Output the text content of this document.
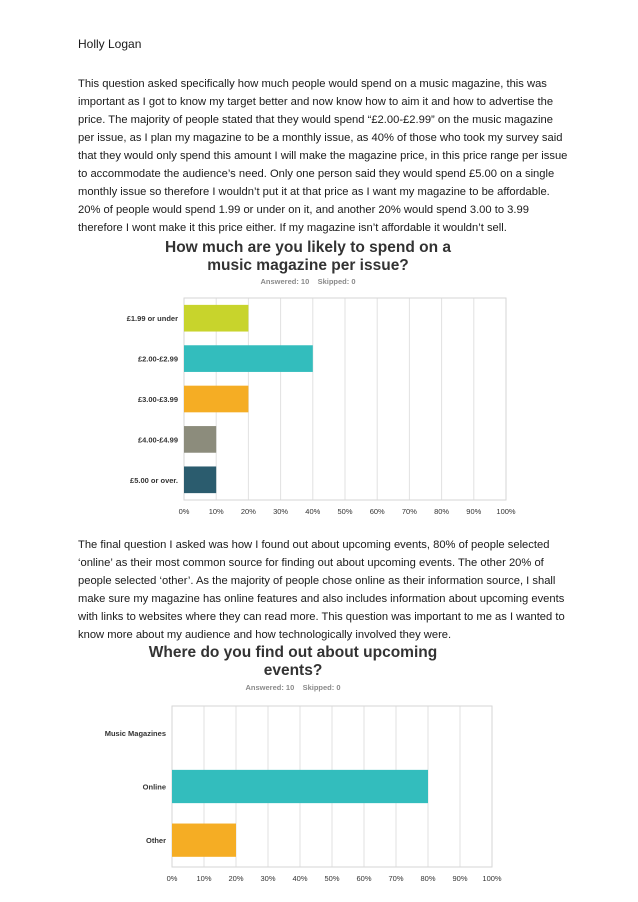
Holly Logan

This question asked specifically how much people would spend on a music magazine, this was important as I got to know my target better and now know how to aim it and how to advertise the price. The majority of people stated that they would spend “£2.00-£2.99” on the music magazine per issue, as I plan my magazine to be a monthly issue, as 40% of those who took my survey said that they would only spend this amount I will make the magazine price, in this price range per issue to accommodate the audience’s need. Only one person said they would spend £5.00 on a single monthly issue so therefore I wouldn’t put it at that price as I want my magazine to be affordable. 20% of people would spend 1.99 or under on it, and another 20% would spend 3.00 to 3.99 therefore I wont make it this price either. If my magazine isn’t affordable it wouldn’t sell.

How much are you likely to spend on a
music magazine per issue?
Answered: 10    Skipped: 0
0%	10% 20% 30% 40% 50% 60% 70% 80% 90% 100%
£1.99 or under
£2.00-£2.99
£3.00-£3.99
£4.00-£4.99
£5.00 or over.

The final question I asked was how I found out about upcoming events, 80% of people selected ‘online’ as their most common source for finding out about upcoming events. The other 20% of people selected ‘other’. As the majority of people chose online as their information source, I shall make sure my magazine has online features and also includes information about upcoming events with links to websites where they can read more. This question was important to me as I wanted to know more about my audience and how technologically involved they were.

Where do you find out about upcoming
events?
Answered: 10    Skipped: 0
0%	10% 20% 30% 40% 50% 60% 70% 80% 90% 100%
Music Magazines
Online
Other
